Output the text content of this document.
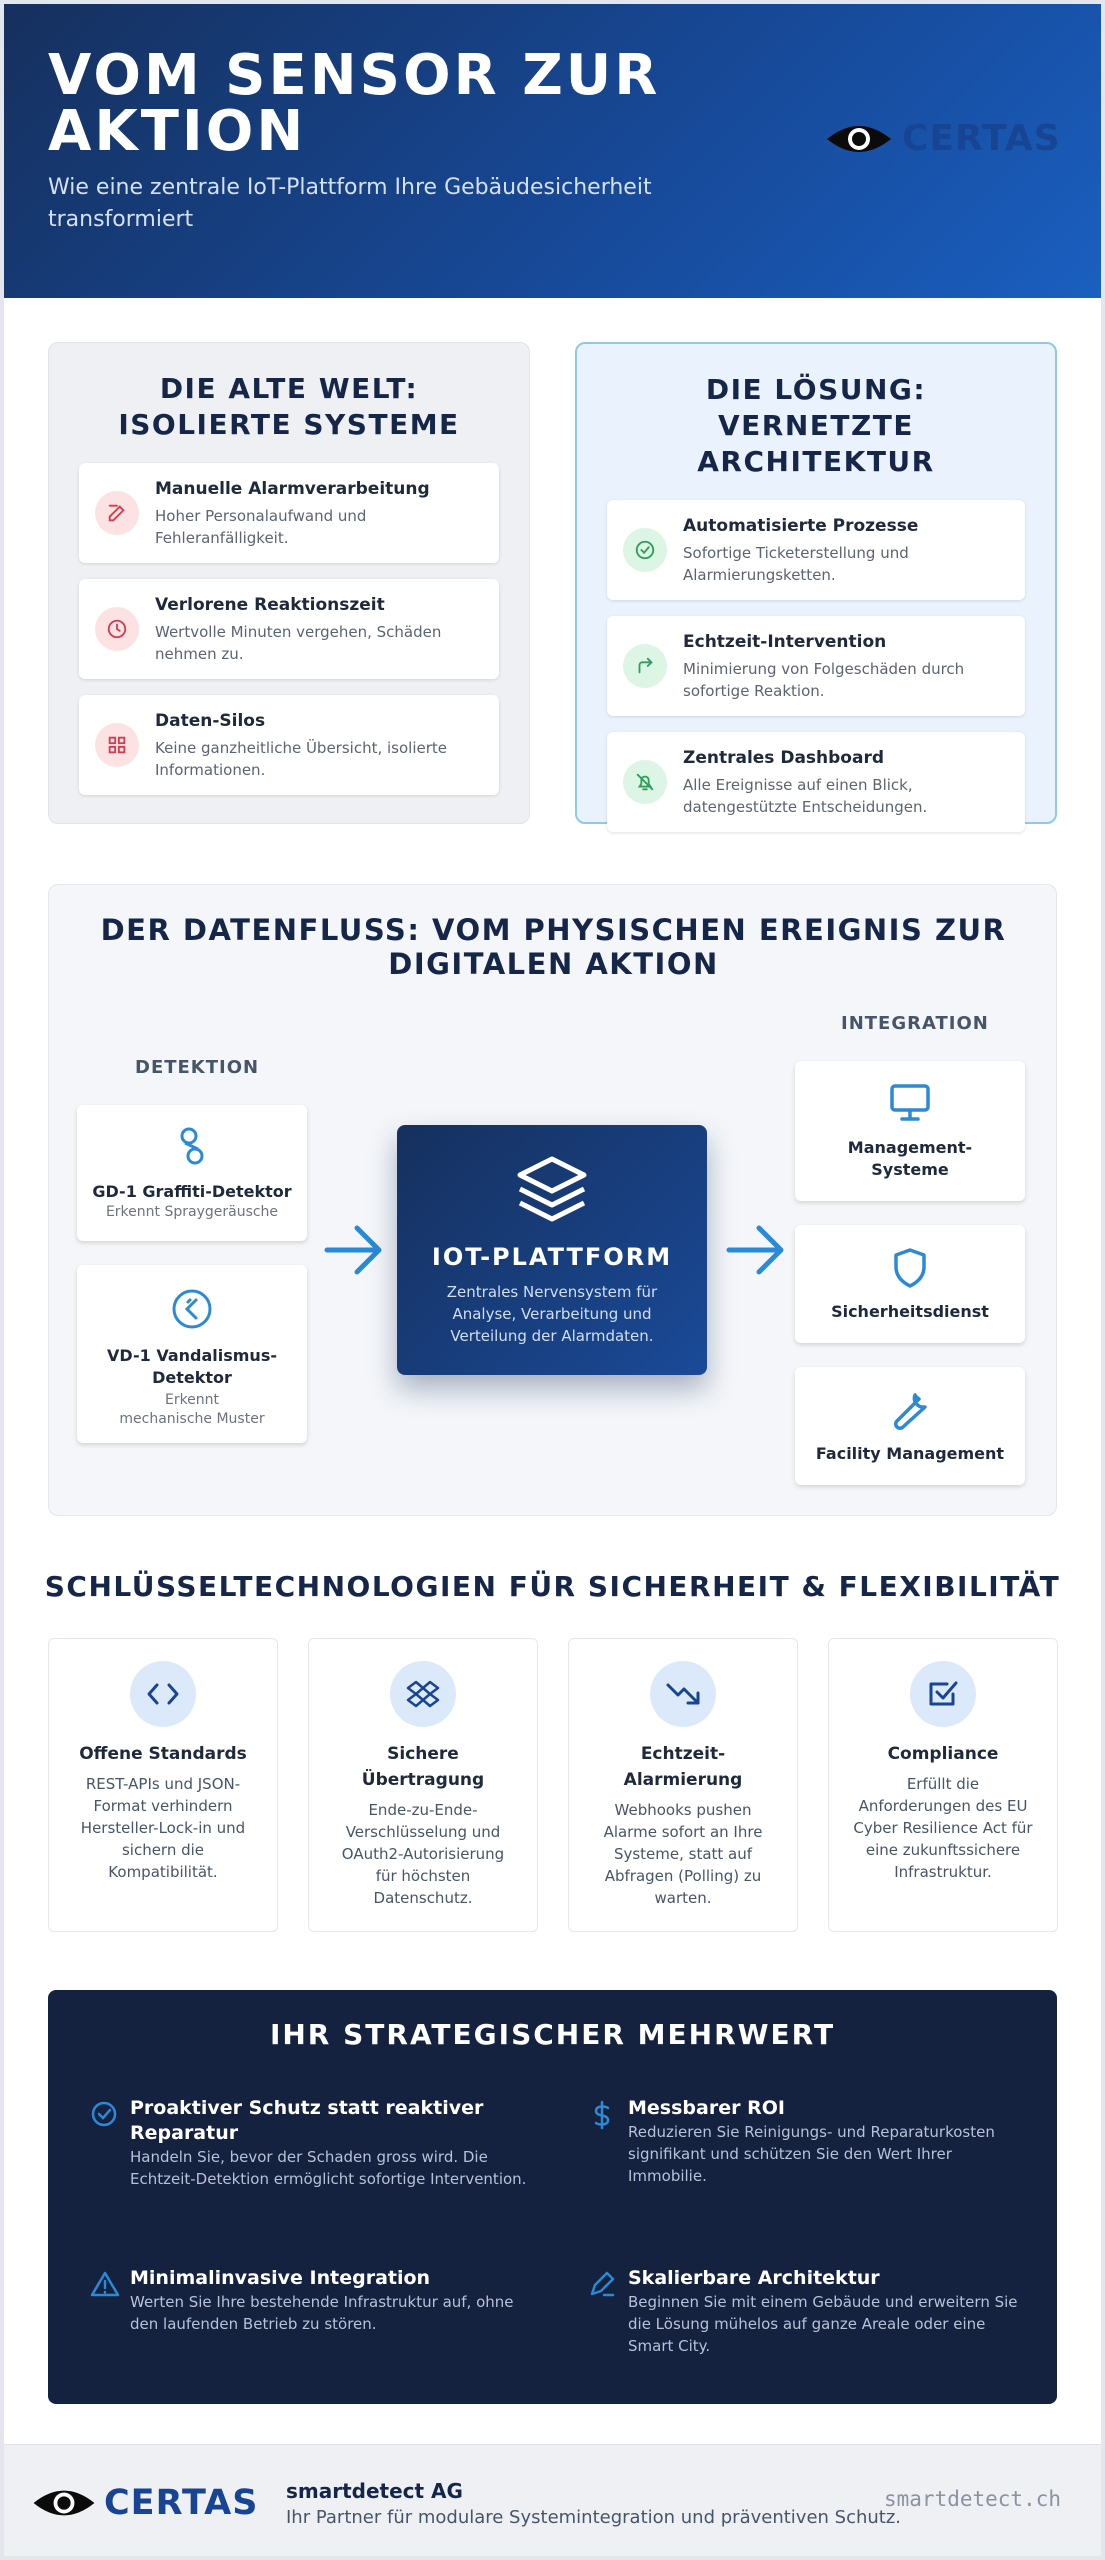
VOM SENSOR ZUR AKTION

Wie eine zentrale IoT-Plattform Ihre Gebäudesicherheit transformiert

CERTAS
DIE ALTE WELT: ISOLIERTE SYSTEME
Manuelle Alarmverarbeitung

Hoher Personalaufwand und Fehleranfälligkeit.

Verlorene Reaktionszeit

Wertvolle Minuten vergehen, Schäden nehmen zu.

Daten-Silos

Keine ganzheitliche Übersicht, isolierte Informationen.

DIE LÖSUNG: VERNETZTE ARCHITEKTUR
Automatisierte Prozesse

Sofortige Ticketerstellung und Alarmierungsketten.

Echtzeit-Intervention

Minimierung von Folgeschäden durch sofortige Reaktion.

Zentrales Dashboard

Alle Ereignisse auf einen Blick, datengestützte Entscheidungen.

DER DATENFLUSS: VOM PHYSISCHEN EREIGNIS ZUR DIGITALEN AKTION
DETEKTION
INTEGRATION
GD-1 Graffiti-Detektor

Erkennt Spraygeräusche

VD-1 Vandalismus-Detektor

Erkennt mechanische Muster

IOT-PLATTFORM

Zentrales Nervensystem für Analyse, Verarbeitung und Verteilung der Alarmdaten.

Management-Systeme
Sicherheitsdienst
Facility Management
SCHLÜSSELTECHNOLOGIEN FÜR SICHERHEIT & FLEXIBILITÄT
Offene Standards

REST-APIs und JSON-Format verhindern Hersteller-Lock-in und sichern die Kompatibilität.

Sichere Übertragung

Ende-zu-Ende-Verschlüsselung und OAuth2-Autorisierung für höchsten Datenschutz.

Echtzeit-Alarmierung

Webhooks pushen Alarme sofort an Ihre Systeme, statt auf Abfragen (Polling) zu warten.

Compliance

Erfüllt die Anforderungen des EU Cyber Resilience Act für eine zukunftssichere Infrastruktur.

IHR STRATEGISCHER MEHRWERT
Proaktiver Schutz statt reaktiver Reparatur

Handeln Sie, bevor der Schaden gross wird. Die Echtzeit-Detektion ermöglicht sofortige Intervention.

Messbarer ROI

Reduzieren Sie Reinigungs- und Reparaturkosten signifikant und schützen Sie den Wert Ihrer Immobilie.

Minimalinvasive Integration

Werten Sie Ihre bestehende Infrastruktur auf, ohne den laufenden Betrieb zu stören.

Skalierbare Architektur

Beginnen Sie mit einem Gebäude und erweitern Sie die Lösung mühelos auf ganze Areale oder eine Smart City.

CERTAS smartdetect AG
Ihr Partner für modulare Systemintegration und präventiven Schutz.
smartdetect.ch
